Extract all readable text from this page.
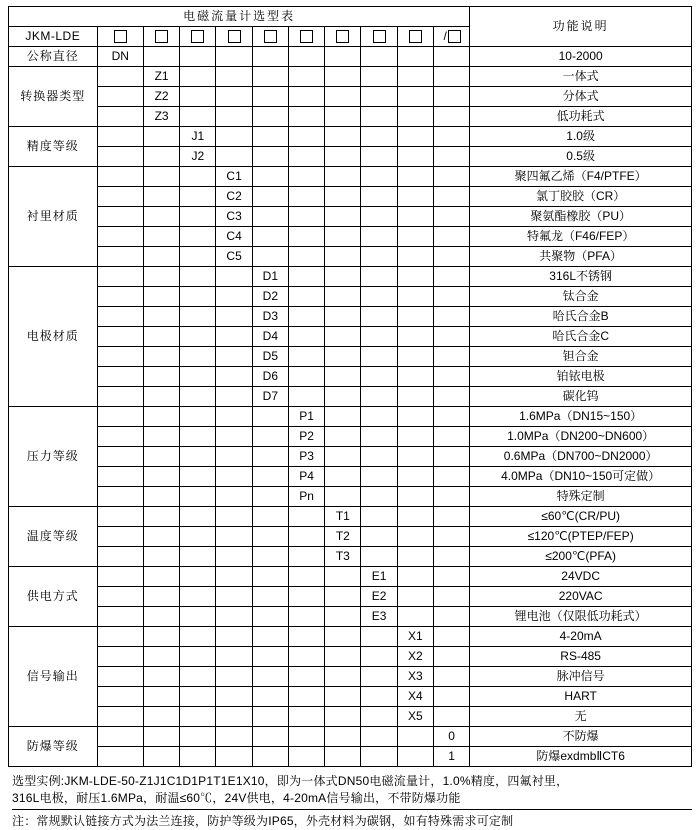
电磁流量计选型表											功能说明
JKM-LDE										/	
公称直径	DN										10-2000
转换器类型		Z1									一体式
		Z2									分体式
		Z3									低功耗式
精度等级			J1								1.0级
			J2								0.5级
衬里材质				C1							聚四氟乙烯（F4/PTFE）
				C2							氯丁胶胶（CR）
				C3							聚氨酯橡胶（PU）
				C4							特氟龙（F46/FEP）
				C5							共聚物（PFA）
电极材质					D1						316L不锈钢
					D2						钛合金
					D3						哈氏合金B
					D4						哈氏合金C
					D5						钽合金
					D6						铂铱电极
					D7						碳化钨
压力等级						P1					1.6MPa（DN15~150）
						P2					1.0MPa（DN200~DN600）
						P3					0.6MPa（DN700~DN2000）
						P4					4.0MPa（DN10~150可定做）
						Pn					特殊定制
温度等级							T1				≤60℃(CR/PU)
							T2				≤120℃(PTEP/FEP)
							T3				≤200℃(PFA)
供电方式								E1			24VDC
								E2			220VAC
								E3			锂电池（仅限低功耗式）
信号输出									X1		4-20mA
									X2		RS-485
									X3		脉冲信号
									X4		HART
									X5		无
防爆等级										0	不防爆
										1	防爆exdmbⅡCT6
选型实例:JKM-LDE-50-Z1J1C1D1P1T1E1X10，即为一体式DN50电磁流量计，1.0%精度，四氟衬里，
316L电极，耐压1.6MPa，耐温≤60℃，24V供电，4-20mA信号输出，不带防爆功能
注：常规默认链接方式为法兰连接，防护等级为IP65，外壳材料为碳钢，如有特殊需求可定制
